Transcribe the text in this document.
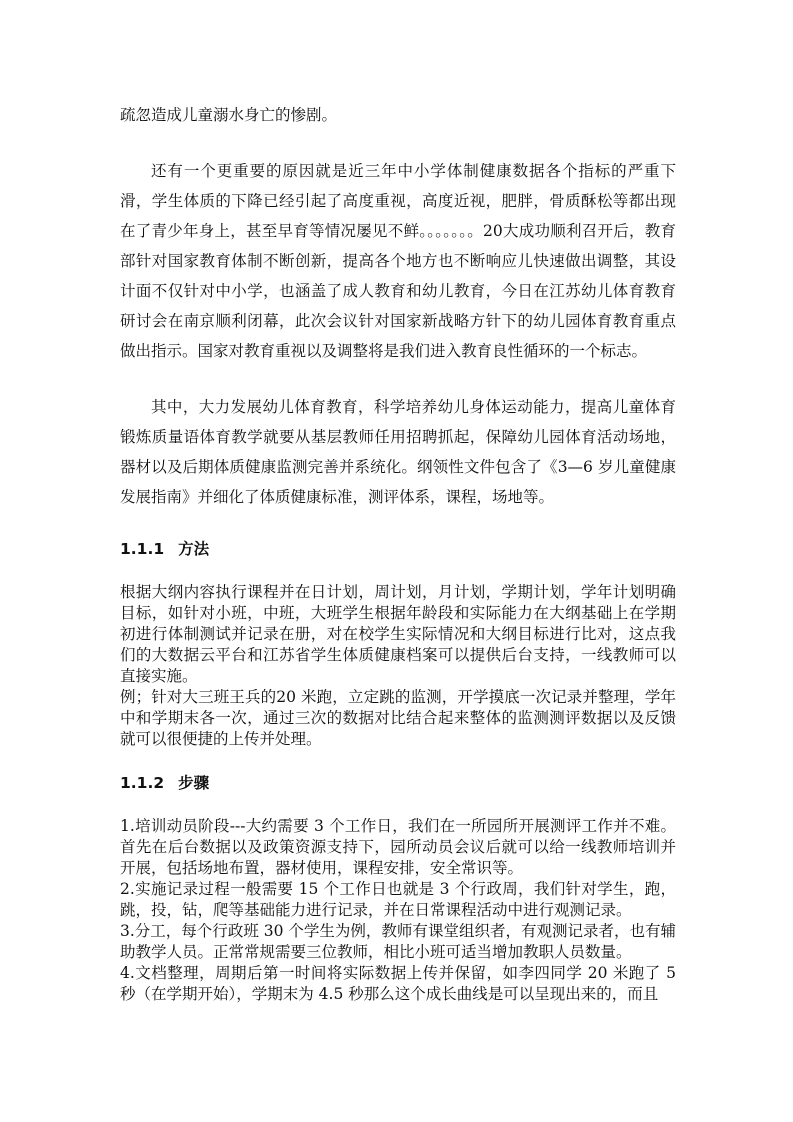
疏忽造成儿童溺水身亡的惨剧。

还有一个更重要的原因就是近三年中小学体制健康数据各个指标的严重下滑，学生体质的下降已经引起了高度重视，高度近视，肥胖，骨质酥松等都出现在了青少年身上，甚至早育等情况屡见不鲜。。。。。。。20大成功顺利召开后，教育部针对国家教育体制不断创新，提高各个地方也不断响应儿快速做出调整，其设计面不仅针对中小学，也涵盖了成人教育和幼儿教育，今日在江苏幼儿体育教育研讨会在南京顺利闭幕，此次会议针对国家新战略方针下的幼儿园体育教育重点做出指示。国家对教育重视以及调整将是我们进入教育良性循环的一个标志。

其中，大力发展幼儿体育教育，科学培养幼儿身体运动能力，提高儿童体育锻炼质量语体育教学就要从基层教师任用招聘抓起，保障幼儿园体育活动场地，器材以及后期体质健康监测完善并系统化。纲领性文件包含了《3—6 岁儿童健康发展指南》并细化了体质健康标准，测评体系，课程，场地等。

1.1.1 方法

根据大纲内容执行课程并在日计划，周计划，月计划，学期计划，学年计划明确目标，如针对小班，中班，大班学生根据年龄段和实际能力在大纲基础上在学期初进行体制测试并记录在册，对在校学生实际情况和大纲目标进行比对，这点我们的大数据云平台和江苏省学生体质健康档案可以提供后台支持，一线教师可以直接实施。

例；针对大三班王兵的20 米跑，立定跳的监测，开学摸底一次记录并整理，学年中和学期末各一次，通过三次的数据对比结合起来整体的监测测评数据以及反馈就可以很便捷的上传并处理。

1.1.2 步骤

1.培训动员阶段---大约需要 3 个工作日，我们在一所园所开展测评工作并不难。首先在后台数据以及政策资源支持下，园所动员会议后就可以给一线教师培训并开展，包括场地布置，器材使用，课程安排，安全常识等。

2.实施记录过程一般需要 15 个工作日也就是 3 个行政周，我们针对学生，跑，跳，投，钻，爬等基础能力进行记录，并在日常课程活动中进行观测记录。

3.分工，每个行政班 30 个学生为例，教师有课堂组织者，有观测记录者，也有辅助教学人员。正常常规需要三位教师，相比小班可适当增加教职人员数量。

4.文档整理，周期后第一时间将实际数据上传并保留，如李四同学 20 米跑了 5 秒（在学期开始），学期末为 4.5 秒那么这个成长曲线是可以呈现出来的，而且
